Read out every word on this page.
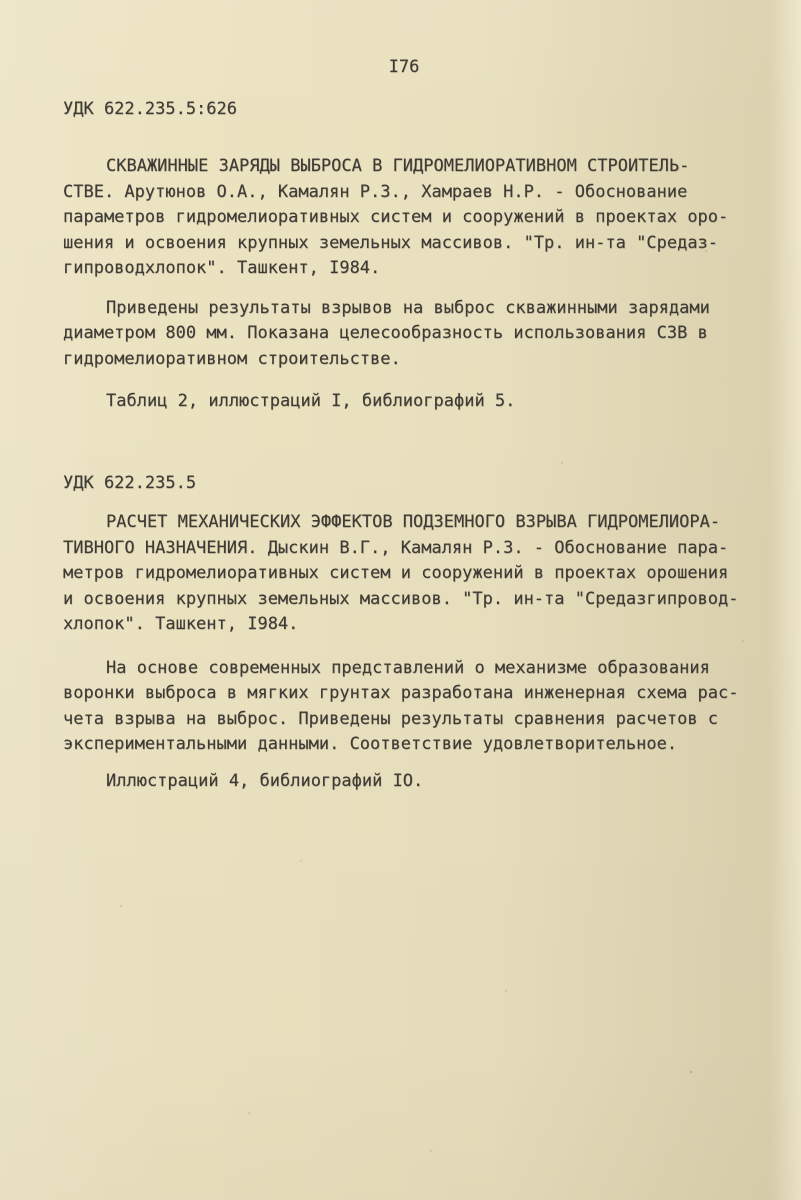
I76
УДК 622.235.5:626
СКВАЖИННЫЕ ЗАРЯДЫ ВЫБРОСА В ГИДРОМЕЛИОРАТИВНОМ СТРОИТЕЛЬ-
СТВЕ. Арутюнов О.А., Камалян Р.З., Хамраев Н.Р. - Обоснование
параметров гидромелиоративных систем и сооружений в проектах оро-
шения и освоения крупных земельных массивов. "Тр. ин-та "Средаз-
гипроводхлопок". Ташкент, I984.
Приведены результаты взрывов на выброс скважинными зарядами
диаметром 800 мм. Показана целесообразность использования СЗВ в
гидромелиоративном строительстве.
Таблиц 2, иллюстраций I, библиографий 5.
УДК 622.235.5
РАСЧЕТ МЕХАНИЧЕСКИХ ЭФФЕКТОВ ПОДЗЕМНОГО ВЗРЫВА ГИДРОМЕЛИОРА-
ТИВНОГО НАЗНАЧЕНИЯ. Дыскин В.Г., Камалян Р.З. - Обоснование пара-
метров гидромелиоративных систем и сооружений в проектах орошения
и освоения крупных земельных массивов. "Тр. ин-та "Средазгипровод-
хлопок". Ташкент, I984.
На основе современных представлений о механизме образования
воронки выброса в мягких грунтах разработана инженерная схема рас-
чета взрыва на выброс. Приведены результаты сравнения расчетов с
экспериментальными данными. Соответствие удовлетворительное.
Иллюстраций 4, библиографий IO.
